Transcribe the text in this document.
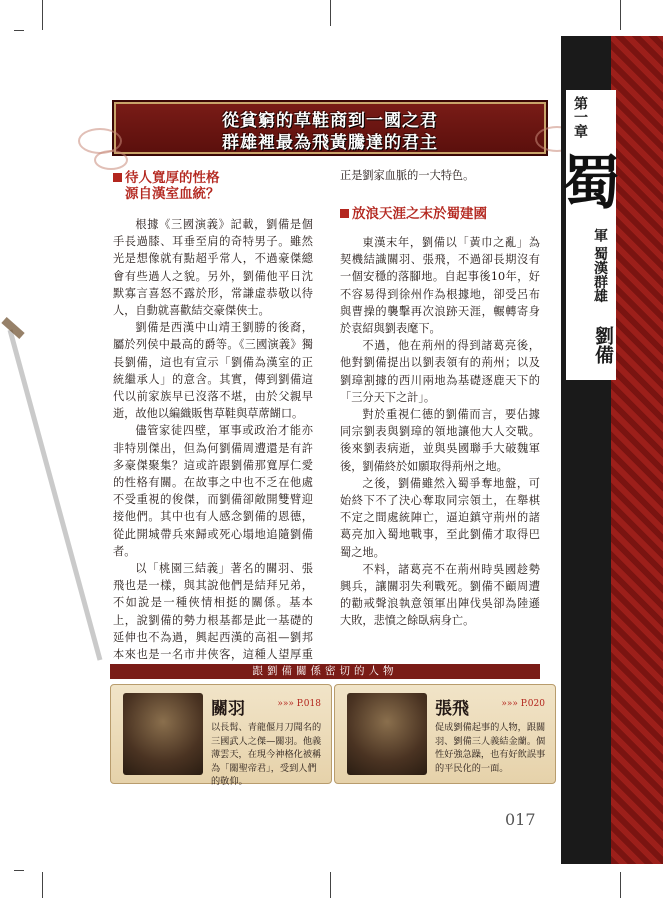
從貧窮的草鞋商到一國之君
群雄裡最為飛黃騰達的君主
待人寬厚的性格
源自漢室血統？

根據《三國演義》記載，劉備是個手長過膝、耳垂至肩的奇特男子。雖然光是想像就有點超乎常人，不過豪傑總會有些過人之貌。另外，劉備他平日沈默寡言喜怒不露於形，常謙虛恭敬以待人，自動就喜歡結交豪傑俠士。

劉備是西漢中山靖王劉勝的後裔，屬於列侯中最高的爵等。《三國演義》獨長劉備，這也有宣示「劉備為漢室的正統繼承人」的意含。其實，傳到劉備這代以前家族早已沒落不堪，由於父親早逝，故他以編織販售草鞋與草蓆餬口。

儘管家徒四壁，軍事或政治才能亦非特別傑出，但為何劉備周遭還是有許多豪傑聚集？這或許跟劉備那寬厚仁愛的性格有關。在故事之中也不乏在他處不受重視的俊傑，而劉備卻敞開雙臂迎接他們。其中也有人感念劉備的恩德，從此開城帶兵來歸或死心塌地追隨劉備者。

以「桃園三結義」著名的關羽、張飛也是一樣，與其說他們是結拜兄弟，不如說是一種俠情相挺的關係。基本上，說劉備的勢力根基都是此一基礎的延伸也不為過，興起西漢的高祖—劉邦本來也是一名市井俠客，這種人望厚重

正是劉家血脈的一大特色。

放浪天涯之末於蜀建國

東漢末年，劉備以「黃巾之亂」為契機結識關羽、張飛，不過卻長期沒有一個安穩的落腳地。自起事後10年，好不容易得到徐州作為根據地，卻受呂布與曹操的襲擊再次浪跡天涯，輾轉寄身於袁紹與劉表麾下。

不過，他在荊州的得到諸葛亮後，他對劉備提出以劉表領有的荊州；以及劉璋割據的西川兩地為基礎逐鹿天下的「三分天下之計」。

對於重視仁德的劉備而言，要佔據同宗劉表與劉璋的領地讓他大人交戰。後來劉表病逝，並與吳國聯手大破魏軍後，劉備終於如願取得荊州之地。

之後，劉備雖然入蜀爭奪地盤，可始終下不了決心奪取同宗領土，在舉棋不定之間處統陣亡，逼迫鎮守荊州的諸葛亮加入蜀地戰事，至此劉備才取得巴蜀之地。

不料，諸葛亮不在荊州時吳國趁勢興兵，讓關羽失利戰死。劉備不顧周遭的勸戒聲浪執意領軍出陣伐吳卻為陸遜大敗，悲憤之餘臥病身亡。

第一章
蜀
軍 蜀漢群雄
劉備
跟劉備關係密切的人物
關羽	»»» P.018
以長髯、青龍偃月刀聞名的三國武人之傑—關羽。他義薄雲天，在現今神格化被稱為「關聖帝君」，受到人們的敬仰。
張飛	»»» P.020
促成劉備起事的人物，跟關羽、劉備三人義結金蘭。個性好強急躁，也有好飲誤事的平民化的一面。
017
